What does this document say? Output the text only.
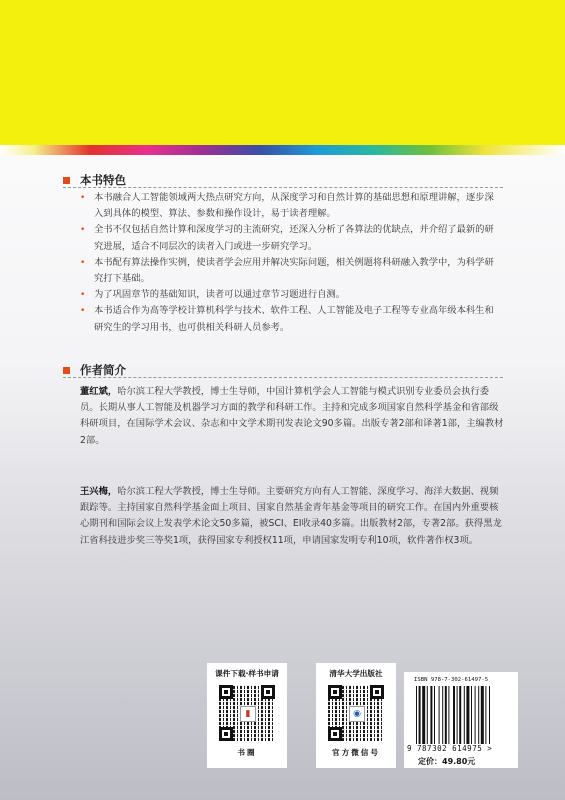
本书特色
• 本书融合人工智能领域两大热点研究方向，从深度学习和自然计算的基础思想和原理讲解，逐步深入到具体的模型、算法、参数和操作设计，易于读者理解。
• 全书不仅包括自然计算和深度学习的主流研究，还深入分析了各算法的优缺点，并介绍了最新的研究进展，适合不同层次的读者入门或进一步研究学习。
• 本书配有算法操作实例，使读者学会应用并解决实际问题，相关例题将科研融入教学中，为科学研究打下基础。
• 为了巩固章节的基础知识，读者可以通过章节习题进行自测。
• 本书适合作为高等学校计算机科学与技术、软件工程、人工智能及电子工程等专业高年级本科生和研究生的学习用书，也可供相关科研人员参考。
作者简介

董红斌，哈尔滨工程大学教授，博士生导师，中国计算机学会人工智能与模式识别专业委员会执行委员。长期从事人工智能及机器学习方面的教学和科研工作。主持和完成多项国家自然科学基金和省部级科研项目，在国际学术会议、杂志和中文学术期刊发表论文90多篇。出版专著2部和译著1部，主编教材 2部。

王兴梅，哈尔滨工程大学教授，博士生导师。主要研究方向有人工智能、深度学习、海洋大数据、视频跟踪等。主持国家自然科学基金面上项目、国家自然基金青年基金等项目的研究工作。在国内外重要核心期刊和国际会议上发表学术论文50多篇，被SCI、EI收录40多篇。出版教材2部，专著2部。获得黑龙江省科技进步奖三等奖1项，获得国家专利授权11项，申请国家发明专利10项，软件著作权3项。

课件下载·样书申请
▮
书圈
清华大学出版社
◉
官方微信号
ISBN 978-7-302-61497-5
9 787302 614975 >
定价：49.80元
